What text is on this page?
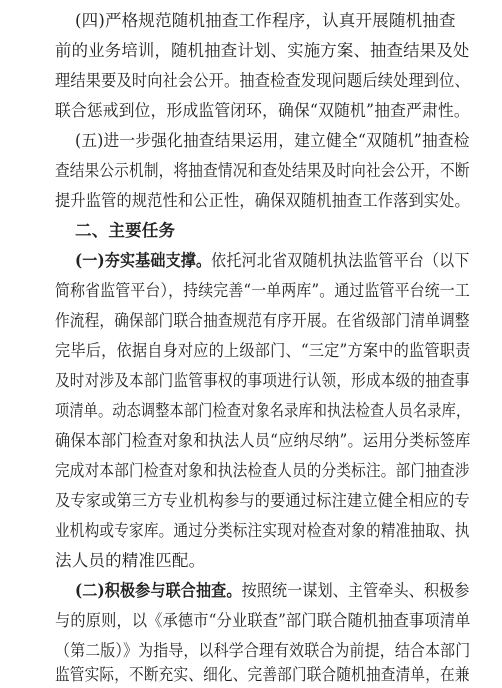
(四)严格规范随机抽查工作程序，认真开展随机抽查
前的业务培训，随机抽查计划、实施方案、抽查结果及处
理结果要及时向社会公开。抽查检查发现问题后续处理到位、
联合惩戒到位，形成监管闭环，确保“双随机”抽查严肃性。
(五)进一步强化抽查结果运用，建立健全“双随机”抽查检
查结果公示机制，将抽查情况和查处结果及时向社会公开，不断
提升监管的规范性和公正性，确保双随机抽查工作落到实处。
二、主要任务
(一)夯实基础支撑。依托河北省双随机执法监管平台（以下
简称省监管平台），持续完善“一单两库”。通过监管平台统一工
作流程，确保部门联合抽查规范有序开展。在省级部门清单调整
完毕后，依据自身对应的上级部门、“三定”方案中的监管职责
及时对涉及本部门监管事权的事项进行认领，形成本级的抽查事
项清单。动态调整本部门检查对象名录库和执法检查人员名录库，
确保本部门检查对象和执法人员“应纳尽纳”。运用分类标签库
完成对本部门检查对象和执法检查人员的分类标注。部门抽查涉
及专家或第三方专业机构参与的要通过标注建立健全相应的专
业机构或专家库。通过分类标注实现对检查对象的精准抽取、执
法人员的精准匹配。
(二)积极参与联合抽查。按照统一谋划、主管牵头、积极参
与的原则，以《承德市“分业联查”部门联合随机抽查事项清单
（第二版）》为指导，以科学合理有效联合为前提，结合本部门
监管实际，不断充实、细化、完善部门联合随机抽查清单，在兼
